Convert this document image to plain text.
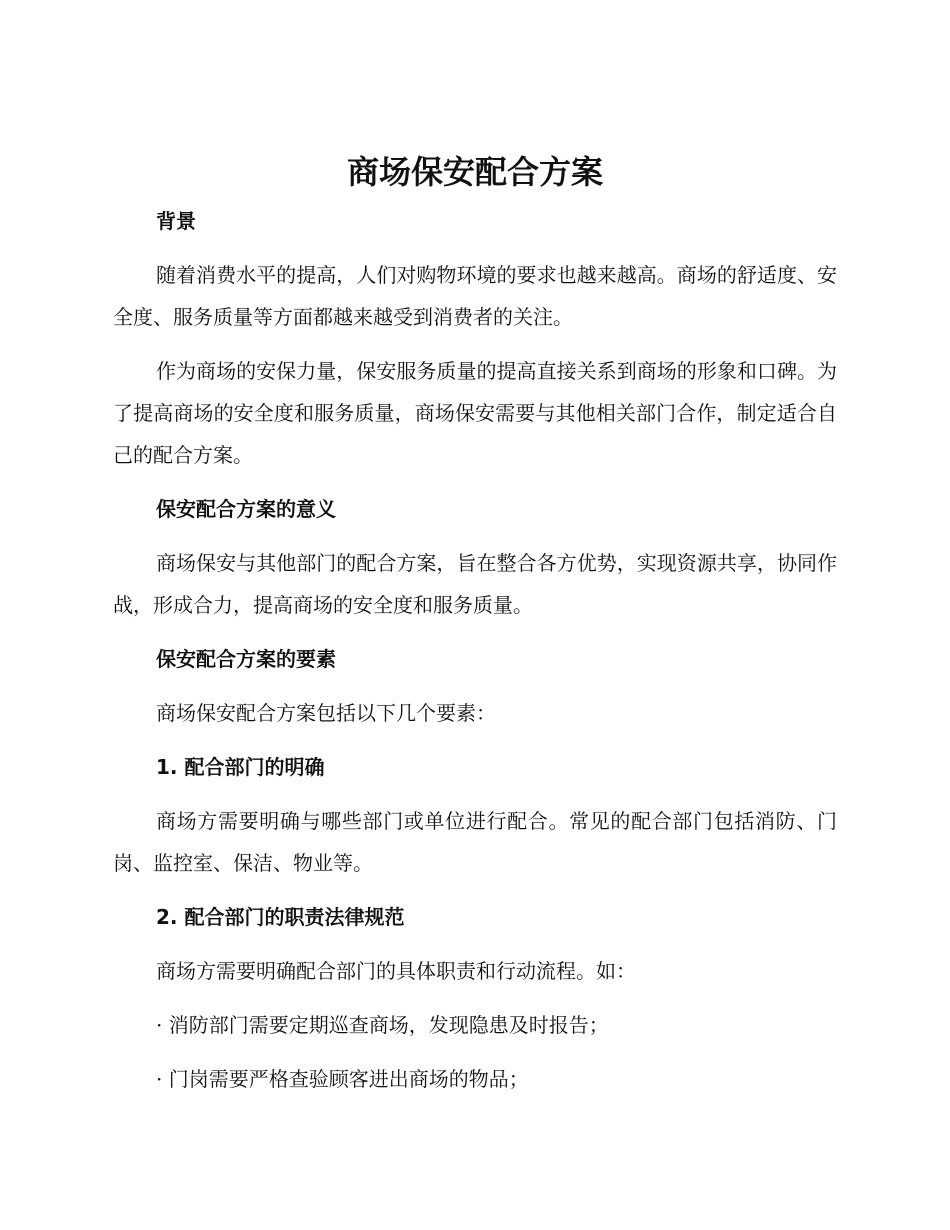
商场保安配合方案

背景

随着消费水平的提高，人们对购物环境的要求也越来越高。商场的舒适度、安全度、服务质量等方面都越来越受到消费者的关注。

作为商场的安保力量，保安服务质量的提高直接关系到商场的形象和口碑。为了提高商场的安全度和服务质量，商场保安需要与其他相关部门合作，制定适合自己的配合方案。

保安配合方案的意义

商场保安与其他部门的配合方案，旨在整合各方优势，实现资源共享，协同作战，形成合力，提高商场的安全度和服务质量。

保安配合方案的要素

商场保安配合方案包括以下几个要素：

1. 配合部门的明确

商场方需要明确与哪些部门或单位进行配合。常见的配合部门包括消防、门岗、监控室、保洁、物业等。

2. 配合部门的职责法律规范

商场方需要明确配合部门的具体职责和行动流程。如：

· 消防部门需要定期巡查商场，发现隐患及时报告；

· 门岗需要严格查验顾客进出商场的物品；
